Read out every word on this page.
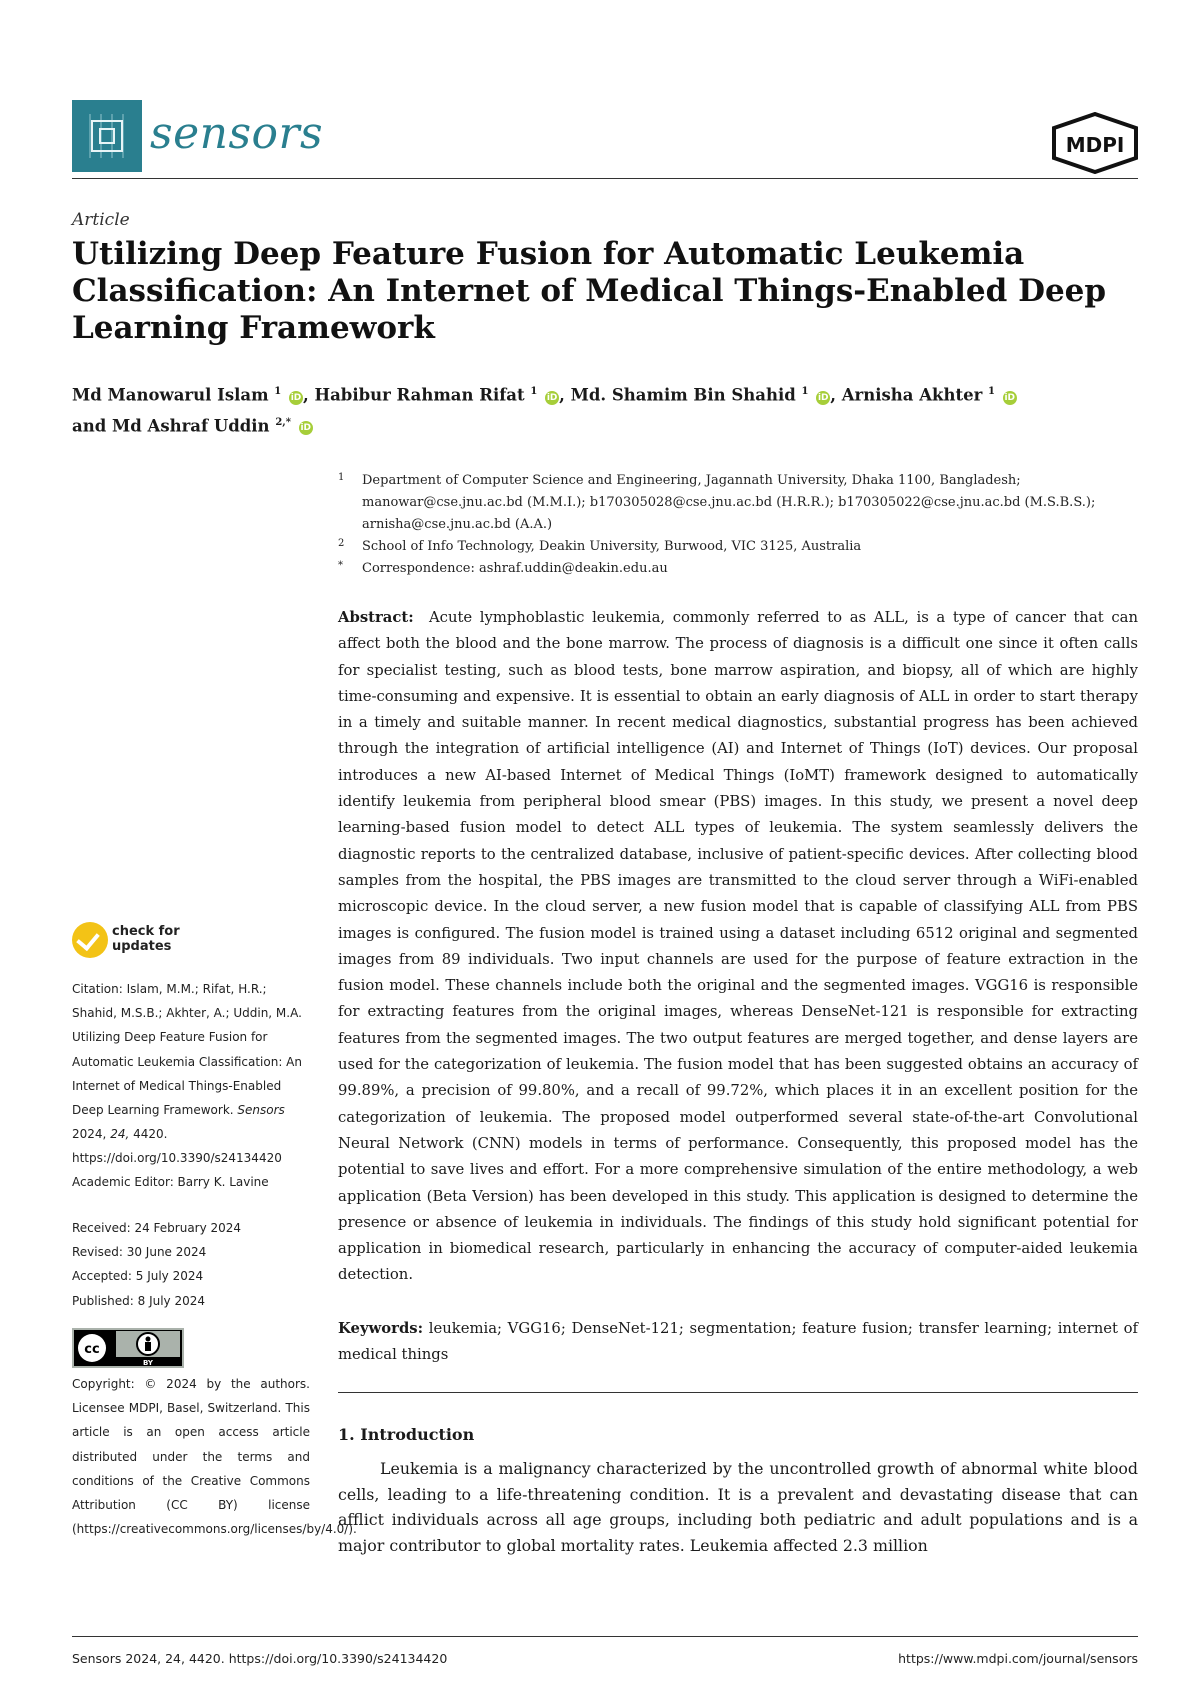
sensors	MDPI
Article
Utilizing Deep Feature Fusion for Automatic Leukemia Classification: An Internet of Medical Things-Enabled Deep Learning Framework
Md Manowarul Islam $^1$ iD , Habibur Rahman Rifat $^1$ iD , Md. Shamim Bin Shahid $^1$ iD , Arnisha Akhter $^1$ iD
and Md Ashraf Uddin $^{2,*}$ iD
1	Department of Computer Science and Engineering, Jagannath University, Dhaka 1100, Bangladesh; manowar@cse.jnu.ac.bd (M.M.I.); b170305028@cse.jnu.ac.bd (H.R.R.); b170305022@cse.jnu.ac.bd (M.S.B.S.); arnisha@cse.jnu.ac.bd (A.A.)
2	School of Info Technology, Deakin University, Burwood, VIC 3125, Australia
*	Correspondence: ashraf.uddin@deakin.edu.au
Abstract: Acute lymphoblastic leukemia, commonly referred to as ALL, is a type of cancer that can affect both the blood and the bone marrow. The process of diagnosis is a difficult one since it often calls for specialist testing, such as blood tests, bone marrow aspiration, and biopsy, all of which are highly time-consuming and expensive. It is essential to obtain an early diagnosis of ALL in order to start therapy in a timely and suitable manner. In recent medical diagnostics, substantial progress has been achieved through the integration of artificial intelligence (AI) and Internet of Things (IoT) devices. Our proposal introduces a new AI-based Internet of Medical Things (IoMT) framework designed to automatically identify leukemia from peripheral blood smear (PBS) images. In this study, we present a novel deep learning-based fusion model to detect ALL types of leukemia. The system seamlessly delivers the diagnostic reports to the centralized database, inclusive of patient-specific devices. After collecting blood samples from the hospital, the PBS images are transmitted to the cloud server through a WiFi-enabled microscopic device. In the cloud server, a new fusion model that is capable of classifying ALL from PBS images is configured. The fusion model is trained using a dataset including 6512 original and segmented images from 89 individuals. Two input channels are used for the purpose of feature extraction in the fusion model. These channels include both the original and the segmented images. VGG16 is responsible for extracting features from the original images, whereas DenseNet-121 is responsible for extracting features from the segmented images. The two output features are merged together, and dense layers are used for the categorization of leukemia. The fusion model that has been suggested obtains an accuracy of 99.89%, a precision of 99.80%, and a recall of 99.72%, which places it in an excellent position for the categorization of leukemia. The proposed model outperformed several state-of-the-art Convolutional Neural Network (CNN) models in terms of performance. Consequently, this proposed model has the potential to save lives and effort. For a more comprehensive simulation of the entire methodology, a web application (Beta Version) has been developed in this study. This application is designed to determine the presence or absence of leukemia in individuals. The findings of this study hold significant potential for application in biomedical research, particularly in enhancing the accuracy of computer-aided leukemia detection.
Keywords: leukemia; VGG16; DenseNet-121; segmentation; feature fusion; transfer learning; internet of medical things
1. Introduction
Leukemia is a malignancy characterized by the uncontrolled growth of abnormal white blood cells, leading to a life-threatening condition. It is a prevalent and devastating disease that can afflict individuals across all age groups, including both pediatric and adult populations and is a major contributor to global mortality rates. Leukemia affected 2.3 million
check for
updates
Citation: Islam, M.M.; Rifat, H.R.; Shahid, M.S.B.; Akhter, A.; Uddin, M.A. Utilizing Deep Feature Fusion for Automatic Leukemia Classification: An Internet of Medical Things-Enabled Deep Learning Framework. Sensors 2024, 24, 4420. https://doi.org/10.3390/s24134420
Academic Editor: Barry K. Lavine
Received: 24 February 2024
Revised: 30 June 2024
Accepted: 5 July 2024
Published: 8 July 2024
cc
BY
Copyright: © 2024 by the authors. Licensee MDPI, Basel, Switzerland. This article is an open access article distributed under the terms and conditions of the Creative Commons Attribution (CC BY) license (https://creativecommons.org/licenses/by/4.0/).
Sensors 2024, 24, 4420. https://doi.org/10.3390/s24134420	https://www.mdpi.com/journal/sensors
